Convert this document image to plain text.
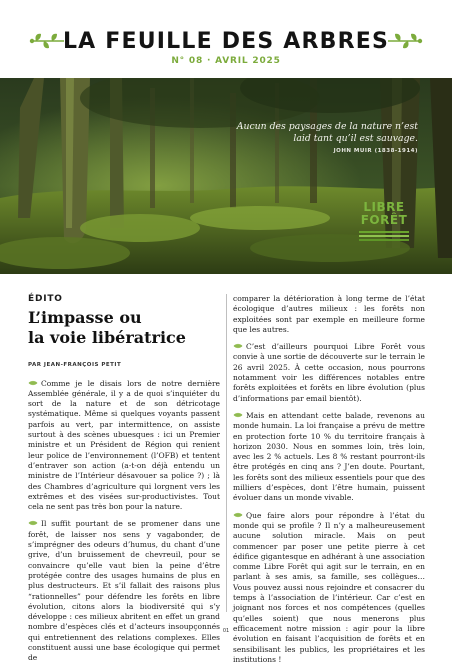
LA FEUILLE DES ARBRES
N° 08 · AVRIL 2025
Aucun des paysages de la nature n’est laid tant qu’il est sauvage.
JOHN MUIR (1838-1914)
LIBRE
FORÊT
ÉDITO
L’impasse ou
la voie libératrice
PAR JEAN-FRANÇOIS PETIT

Comme je le disais lors de notre dernière Assemblée générale, il y a de quoi s’inquiéter du sort de la nature et de son détricotage systématique. Même si quelques voyants passent parfois au vert, par intermittence, on assiste surtout à des scènes ubuesques : ici un Premier ministre et un Président de Région qui renient leur police de l’environnement (l’OFB) et tentent d’entraver son action (a-t-on déjà entendu un ministre de l’Intérieur désavouer sa police ?) ; là des Chambres d’agriculture qui lorgnent vers les extrêmes et des visées sur-productivistes. Tout cela ne sent pas très bon pour la nature.

Il suffit pourtant de se promener dans une forêt, de laisser nos sens y vagabonder, de s’imprégner des odeurs d’humus, du chant d’une grive, d’un bruissement de chevreuil, pour se convaincre qu’elle vaut bien la peine d’être protégée contre des usages humains de plus en plus destructeurs. Et s’il fallait des raisons plus “rationnelles” pour défendre les forêts en libre évolution, citons alors la biodiversité qui s’y développe : ces milieux abritent en effet un grand nombre d’espèces clés et d’acteurs insoupçonnés qui entretiennent des relations complexes. Elles constituent aussi une base écologique qui permet de

comparer la détérioration à long terme de l’état écologique d’autres milieux : les forêts non exploitées sont par exemple en meilleure forme que les autres.

C’est d’ailleurs pourquoi Libre Forêt vous convie à une sortie de découverte sur le terrain le 26 avril 2025. À cette occasion, nous pourrons notamment voir les différences notables entre forêts exploitées et forêts en libre évolution (plus d’informations par email bientôt).

Mais en attendant cette balade, revenons au monde humain. La loi française a prévu de mettre en protection forte 10 % du territoire français à horizon 2030. Nous en sommes loin, très loin, avec les 2 % actuels. Les 8 % restant pourront-ils être protégés en cinq ans ? J’en doute. Pourtant, les forêts sont des milieux essentiels pour que des milliers d’espèces, dont l’être humain, puissent évoluer dans un monde vivable.

Que faire alors pour répondre à l’état du monde qui se profile ? Il n’y a malheureusement aucune solution miracle. Mais on peut commencer par poser une petite pierre à cet édifice gigantesque en adhérant à une association comme Libre Forêt qui agit sur le terrain, en en parlant à ses amis, sa famille, ses collègues… Vous pouvez aussi nous rejoindre et consacrer du temps à l’association de l’intérieur. Car c’est en joignant nos forces et nos compétences (quelles qu’elles soient) que nous menerons plus efficacement notre mission : agir pour la libre évolution en faisant l’acquisition de forêts et en sensibilisant les publics, les propriétaires et les institutions !

01
